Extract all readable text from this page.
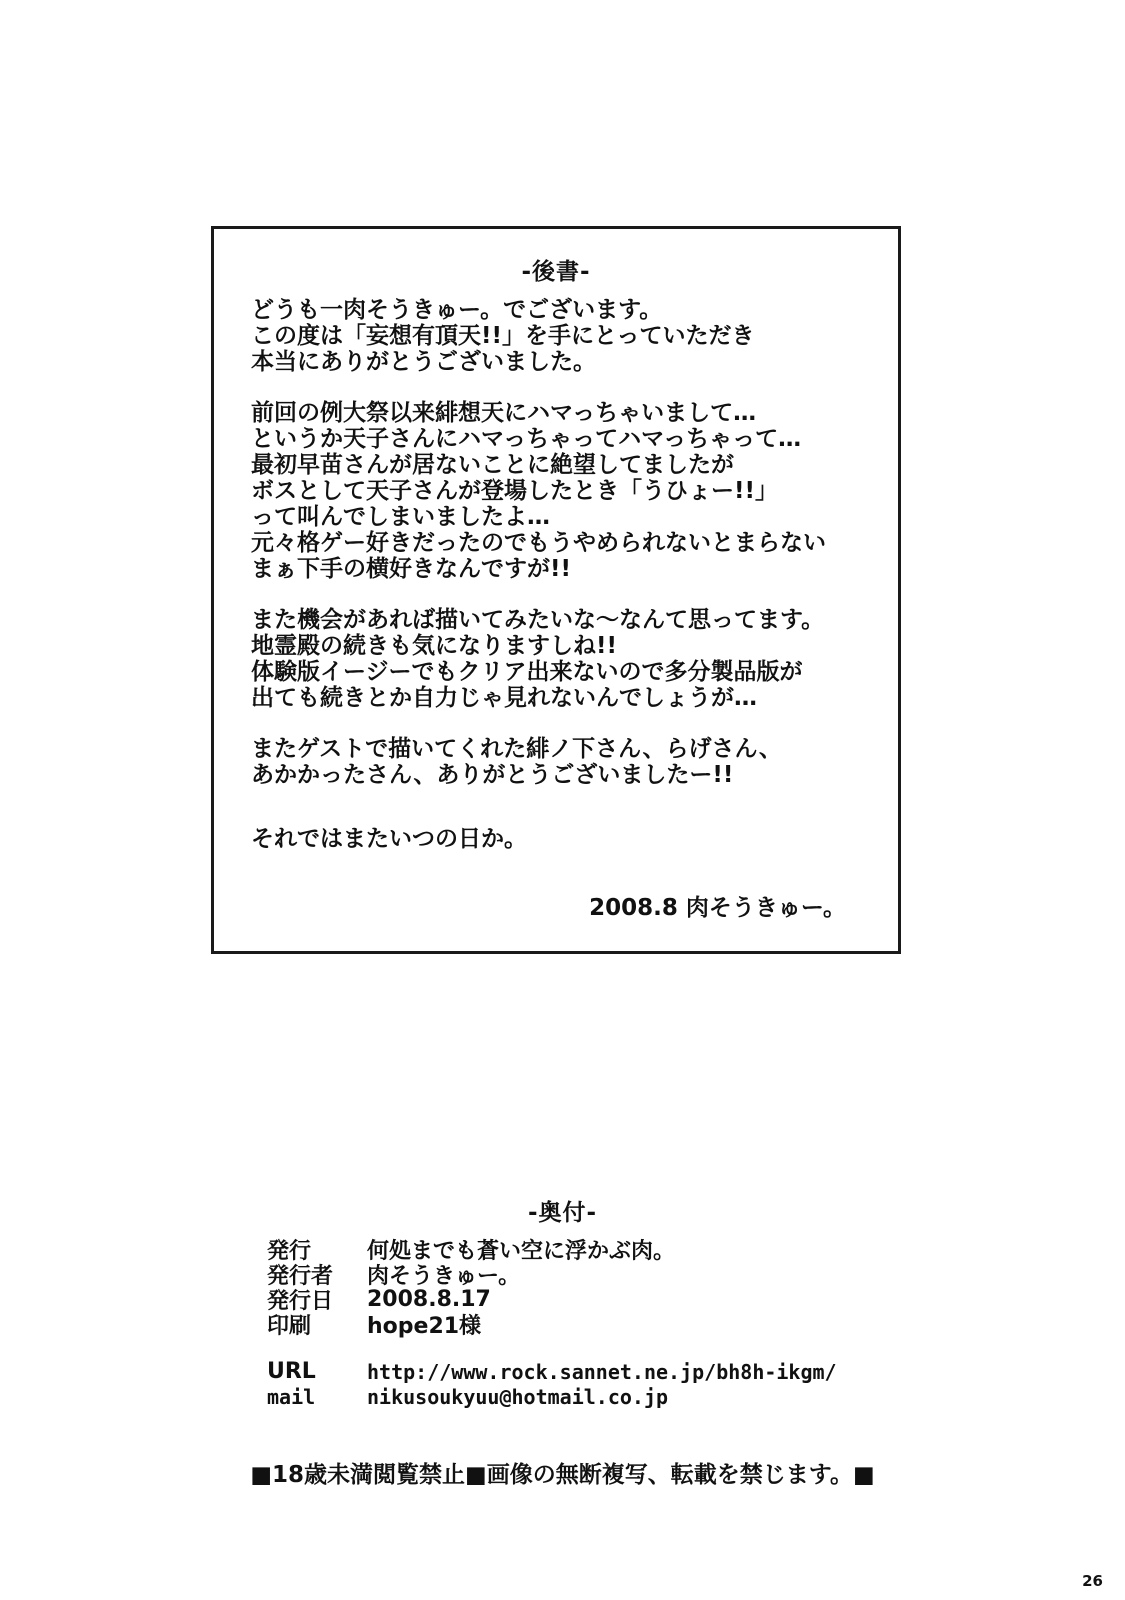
-後書-
どうも一肉そうきゅー。でございます。
この度は「妄想有頂天!!」を手にとっていただき
本当にありがとうございました。
前回の例大祭以来緋想天にハマっちゃいまして…
というか天子さんにハマっちゃってハマっちゃって…
最初早苗さんが居ないことに絶望してましたが
ボスとして天子さんが登場したとき「うひょー!!」
って叫んでしまいましたよ…
元々格ゲー好きだったのでもうやめられないとまらない
まぁ下手の横好きなんですが!!
また機会があれば描いてみたいな〜なんて思ってます。
地霊殿の続きも気になりますしね!!
体験版イージーでもクリア出来ないので多分製品版が
出ても続きとか自力じゃ見れないんでしょうが…
またゲストで描いてくれた緋ノ下さん、らげさん、
あかかったさん、ありがとうございましたー!!
それではまたいつの日か。
2008.8 肉そうきゅー。
-奥付-
発行	何処までも蒼い空に浮かぶ肉。
発行者	肉そうきゅー。
発行日	2008.8.17
印刷	hope21様
URL	http://www.rock.sannet.ne.jp/bh8h-ikgm/
mail	nikusoukyuu@hotmail.co.jp
■18歳未満閲覧禁止■画像の無断複写、転載を禁じます。■
26
